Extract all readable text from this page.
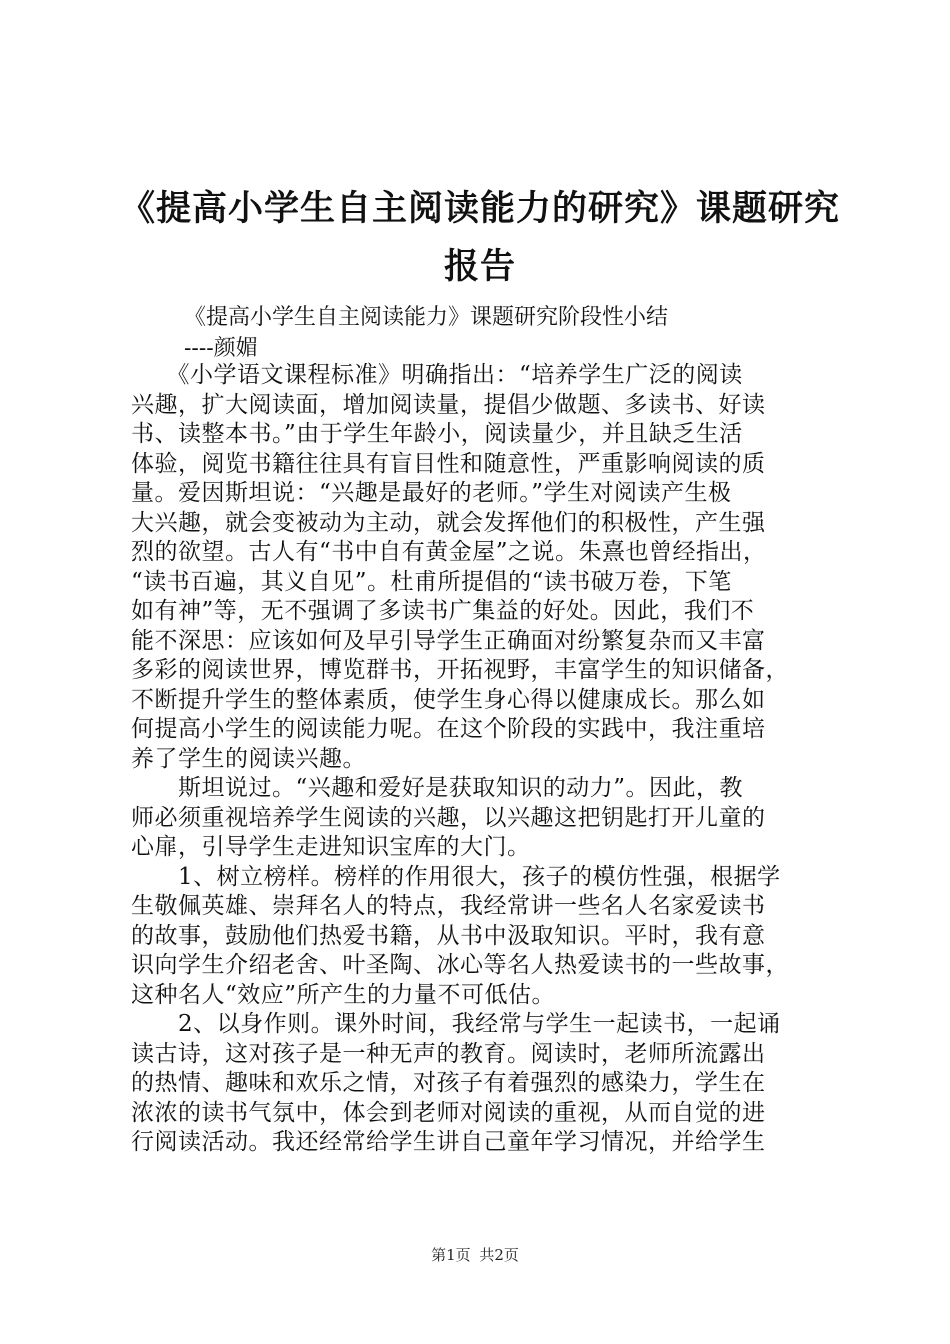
《提高小学生自主阅读能力的研究》课题研究
报告

《提高小学生自主阅读能力》课题研究阶段性小结

----颜媚

　　《小学语文课程标准》明确指出：“培养学生广泛的阅读
兴趣，扩大阅读面，增加阅读量，提倡少做题、多读书、好读
书、读整本书。”由于学生年龄小，阅读量少，并且缺乏生活
体验，阅览书籍往往具有盲目性和随意性，严重影响阅读的质
量。爱因斯坦说：“兴趣是最好的老师。”学生对阅读产生极
大兴趣，就会变被动为主动，就会发挥他们的积极性，产生强
烈的欲望。古人有“书中自有黄金屋”之说。朱熹也曾经指出，
“读书百遍，其义自见”。杜甫所提倡的“读书破万卷，下笔
如有神”等，无不强调了多读书广集益的好处。因此，我们不
能不深思：应该如何及早引导学生正确面对纷繁复杂而又丰富
多彩的阅读世界，博览群书，开拓视野，丰富学生的知识储备，
不断提升学生的整体素质，使学生身心得以健康成长。那么如
何提高小学生的阅读能力呢。在这个阶段的实践中，我注重培
养了学生的阅读兴趣。

　　斯坦说过。“兴趣和爱好是获取知识的动力”。因此，教
师必须重视培养学生阅读的兴趣，以兴趣这把钥匙打开儿童的
心扉，引导学生走进知识宝库的大门。

　　1、树立榜样。榜样的作用很大，孩子的模仿性强，根据学
生敬佩英雄、崇拜名人的特点，我经常讲一些名人名家爱读书
的故事，鼓励他们热爱书籍，从书中汲取知识。平时，我有意
识向学生介绍老舍、叶圣陶、冰心等名人热爱读书的一些故事，
这种名人“效应”所产生的力量不可低估。

　　2、以身作则。课外时间，我经常与学生一起读书，一起诵
读古诗，这对孩子是一种无声的教育。阅读时，老师所流露出
的热情、趣味和欢乐之情，对孩子有着强烈的感染力，学生在
浓浓的读书气氛中，体会到老师对阅读的重视，从而自觉的进
行阅读活动。我还经常给学生讲自己童年学习情况，并给学生

第1页 共2页
